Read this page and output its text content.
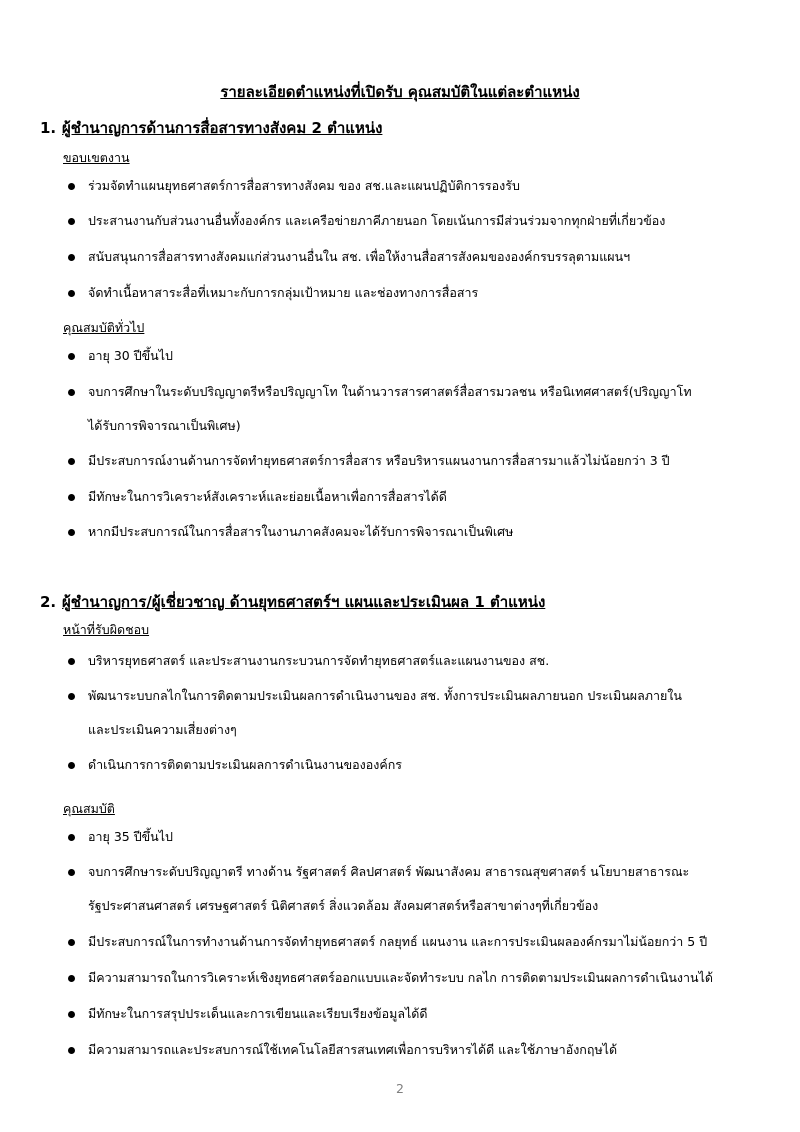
รายละเอียดตำแหน่งที่เปิดรับ คุณสมบัติในแต่ละตำแหน่ง
1. ผู้ชำนาญการด้านการสื่อสารทางสังคม 2 ตำแหน่ง
ขอบเขตงาน
ร่วมจัดทำแผนยุทธศาสตร์การสื่อสารทางสังคม ของ สช.และแผนปฏิบัติการรองรับ
ประสานงานกับส่วนงานอื่นทั้งองค์กร และเครือข่ายภาคีภายนอก โดยเน้นการมีส่วนร่วมจากทุกฝ่ายที่เกี่ยวข้อง
สนับสนุนการสื่อสารทางสังคมแก่ส่วนงานอื่นใน สช. เพื่อให้งานสื่อสารสังคมขององค์กรบรรลุตามแผนฯ
จัดทำเนื้อหาสาระสื่อที่เหมาะกับการกลุ่มเป้าหมาย และช่องทางการสื่อสาร
คุณสมบัติทั่วไป
อายุ 30 ปีขึ้นไป
จบการศึกษาในระดับปริญญาตรีหรือปริญญาโท ในด้านวารสารศาสตร์สื่อสารมวลชน หรือนิเทศศาสตร์(ปริญญาโท
ได้รับการพิจารณาเป็นพิเศษ)
มีประสบการณ์งานด้านการจัดทำยุทธศาสตร์การสื่อสาร หรือบริหารแผนงานการสื่อสารมาแล้วไม่น้อยกว่า 3 ปี
มีทักษะในการวิเคราะห์สังเคราะห์และย่อยเนื้อหาเพื่อการสื่อสารได้ดี
หากมีประสบการณ์ในการสื่อสารในงานภาคสังคมจะได้รับการพิจารณาเป็นพิเศษ
2. ผู้ชำนาญการ/ผู้เชี่ยวชาญ ด้านยุทธศาสตร์ฯ แผนและประเมินผล 1 ตำแหน่ง
หน้าที่รับผิดชอบ
บริหารยุทธศาสตร์ และประสานงานกระบวนการจัดทำยุทธศาสตร์และแผนงานของ สช.
พัฒนาระบบกลไกในการติดตามประเมินผลการดำเนินงานของ สช. ทั้งการประเมินผลภายนอก ประเมินผลภายใน
และประเมินความเสี่ยงต่างๆ
ดำเนินการการติดตามประเมินผลการดำเนินงานขององค์กร
คุณสมบัติ
อายุ 35 ปีขึ้นไป
จบการศึกษาระดับปริญญาตรี ทางด้าน รัฐศาสตร์ ศิลปศาสตร์ พัฒนาสังคม สาธารณสุขศาสตร์ นโยบายสาธารณะ
รัฐประศาสนศาสตร์ เศรษฐศาสตร์ นิติศาสตร์ สิ่งแวดล้อม สังคมศาสตร์หรือสาขาต่างๆที่เกี่ยวข้อง
มีประสบการณ์ในการทำงานด้านการจัดทำยุทธศาสตร์ กลยุทธ์ แผนงาน และการประเมินผลองค์กรมาไม่น้อยกว่า 5 ปี
มีความสามารถในการวิเคราะห์เชิงยุทธศาสตร์ออกแบบและจัดทำระบบ กลไก การติดตามประเมินผลการดำเนินงานได้
มีทักษะในการสรุปประเด็นและการเขียนและเรียบเรียงข้อมูลได้ดี
มีความสามารถและประสบการณ์ใช้เทคโนโลยีสารสนเทศเพื่อการบริหารได้ดี และใช้ภาษาอังกฤษได้
2
